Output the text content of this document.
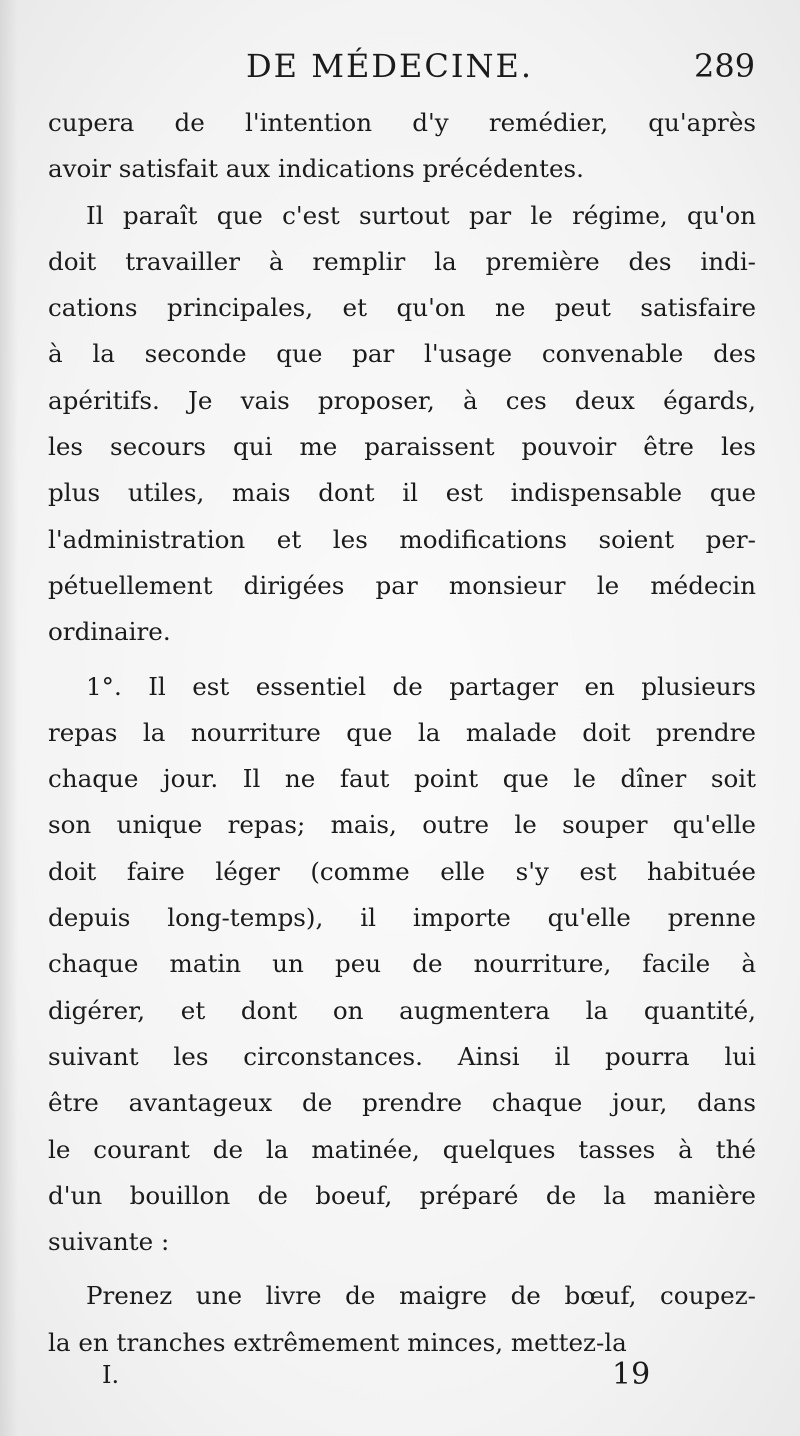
DE MÉDECINE.	289
cupera de l'intention d'y remédier, qu'après
avoir satisfait aux indications précédentes.
Il paraît que c'est surtout par le régime, qu'on
doit travailler à remplir la première des indi-
cations principales, et qu'on ne peut satisfaire
à la seconde que par l'usage convenable des
apéritifs. Je vais proposer, à ces deux égards,
les secours qui me paraissent pouvoir être les
plus utiles, mais dont il est indispensable que
l'administration et les modifications soient per-
pétuellement dirigées par monsieur le médecin
ordinaire.
1°. Il est essentiel de partager en plusieurs
repas la nourriture que la malade doit prendre
chaque jour. Il ne faut point que le dîner soit
son unique repas; mais, outre le souper qu'elle
doit faire léger (comme elle s'y est habituée
depuis long-temps), il importe qu'elle prenne
chaque matin un peu de nourriture, facile à
digérer, et dont on augmentera la quantité,
suivant les circonstances. Ainsi il pourra lui
être avantageux de prendre chaque jour, dans
le courant de la matinée, quelques tasses à thé
d'un bouillon de boeuf, préparé de la manière
suivante :
Prenez une livre de maigre de bœuf, coupez-
la en tranches extrêmement minces, mettez-la
I.	19
